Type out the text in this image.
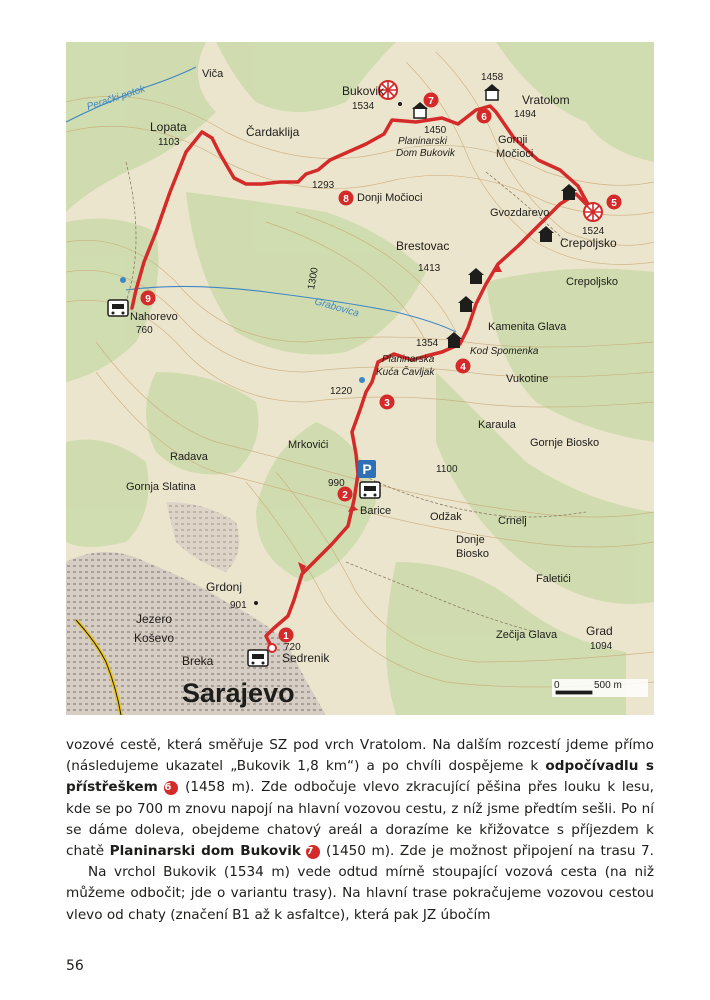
Perački potok
Grabovica
P
1
2
3
4
5
6
7
8
9
Viča
Lopata
1103
Čardaklija
Bukovik
1534
1450
Planinarski
Dom Bukovik
1458
Vratolom
1494
Gornji
Močioci
1293
Donji Močioci
Gvozdarevo
1524
Crepoljsko
Crepoljsko
Brestovac
1413
1300
Nahorevo
760	Kamenita Glava
1354
Kod Spomenka
Planinarska
Kuća Čavljak
1220
Vukotine
Karaula
Gornje Biosko
1100
Mrkovići
Radava
Gornja Slatina	990
Barice	Odžak	Crnelj
Donje
Biosko
Faletići
Grdonj
901
Jezero
Koševo
Breka	Sedrenik
720
Zečija Glava Grad
1094
Sarajevo	0	500 m

vozové cestě, která směřuje SZ pod vrch Vratolom. Na dalším rozcestí jdeme přímo (následujeme ukazatel „Bukovik 1,8 km“) a po chvíli dospějeme k odpočívadlu s přístřeškem 6 (1458 m). Zde odbočuje vlevo zkracující pěšina přes louku k lesu, kde se po 700 m znovu napojí na hlavní vozovou cestu, z níž jsme předtím sešli. Po ní se dáme doleva, obejdeme chatový areál a dorazíme ke křižovatce s příjezdem k chatě Planinarski dom Bukovik 7 (1450 m). Zde je možnost připojení na trasu 7.

Na vrchol Bukovik (1534 m) vede odtud mírně stoupající vozová cesta (na niž můžeme odbočit; jde o variantu trasy). Na hlavní trase pokračujeme vozovou cestou vlevo od chaty (značení B1 až k asfaltce), která pak JZ úbočím

56
